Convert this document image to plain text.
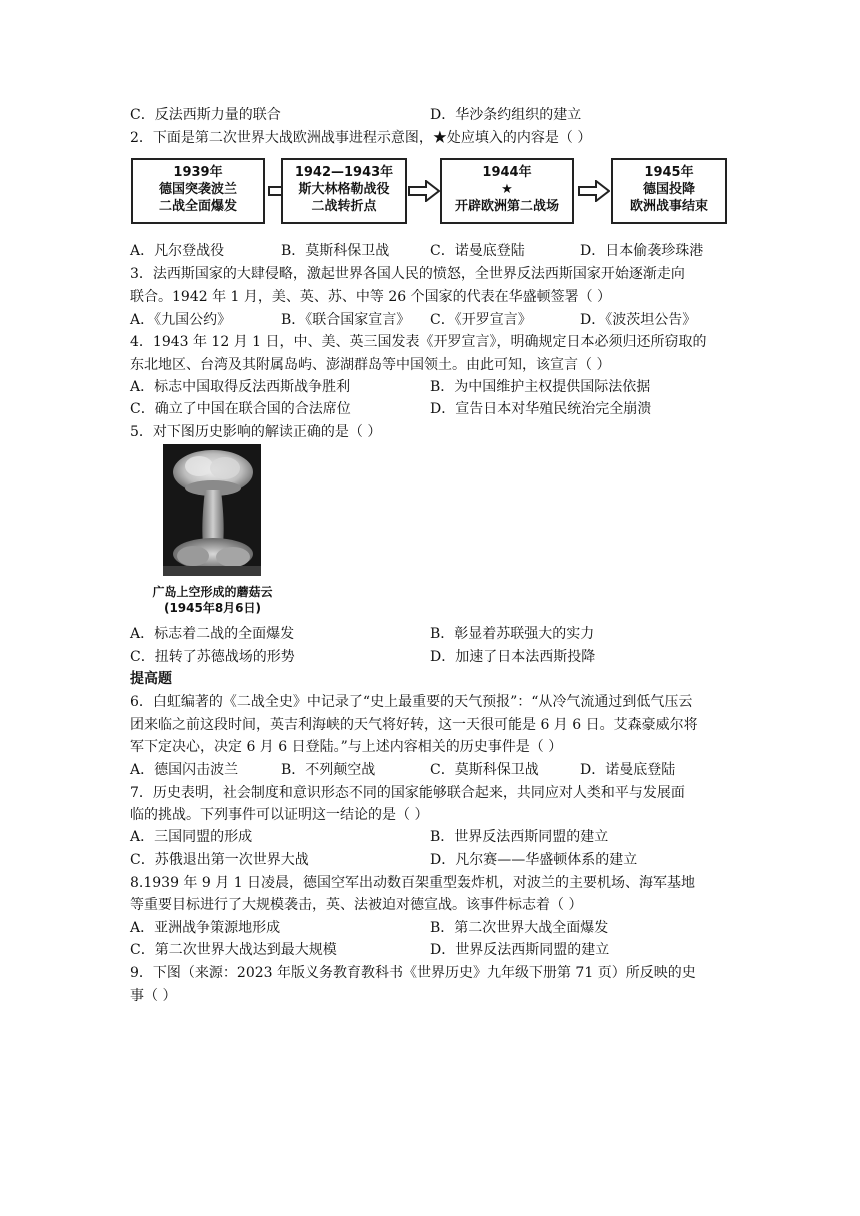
C．反法西斯力量的联合	D．华沙条约组织的建立
2．下面是第二次世界大战欧洲战事进程示意图，★处应填入的内容是（ ）
1939年
德国突袭波兰
二战全面爆发
1942—1943年
斯大林格勒战役
二战转折点
1944年
★
开辟欧洲第二战场
1945年
德国投降
欧洲战事结束
A．凡尔登战役	B．莫斯科保卫战	C．诺曼底登陆	D．日本偷袭珍珠港
3．法西斯国家的大肆侵略，激起世界各国人民的愤怒，全世界反法西斯国家开始逐渐走向
联合。1942 年 1 月，美、英、苏、中等 26 个国家的代表在华盛顿签署（ ）
A．《九国公约》	B．《联合国家宣言》 C．《开罗宣言》	D．《波茨坦公告》
4．1943 年 12 月 1 日，中、美、英三国发表《开罗宣言》，明确规定日本必须归还所窃取的
东北地区、台湾及其附属岛屿、澎湖群岛等中国领土。由此可知，该宣言（ ）
A．标志中国取得反法西斯战争胜利	B．为中国维护主权提供国际法依据
C．确立了中国在联合国的合法席位	D．宣告日本对华殖民统治完全崩溃
5．对下图历史影响的解读正确的是（ ）
广岛上空形成的蘑菇云
(1945年8月6日)
A．标志着二战的全面爆发	B．彰显着苏联强大的实力
C．扭转了苏德战场的形势	D．加速了日本法西斯投降
提高题
6．白虹编著的《二战全史》中记录了“史上最重要的天气预报”：“从冷气流通过到低气压云
团来临之前这段时间，英吉利海峡的天气将好转，这一天很可能是 6 月 6 日。艾森豪威尔将
军下定决心，决定 6 月 6 日登陆。”与上述内容相关的历史事件是（ ）
A．德国闪击波兰	B．不列颠空战	C．莫斯科保卫战	D．诺曼底登陆
7．历史表明，社会制度和意识形态不同的国家能够联合起来，共同应对人类和平与发展面
临的挑战。下列事件可以证明这一结论的是（ ）
A．三国同盟的形成	B．世界反法西斯同盟的建立
C．苏俄退出第一次世界大战	D．凡尔赛——华盛顿体系的建立
8.1939 年 9 月 1 日凌晨，德国空军出动数百架重型轰炸机，对波兰的主要机场、海军基地
等重要目标进行了大规模袭击，英、法被迫对德宣战。该事件标志着（ ）
A．亚洲战争策源地形成	B．第二次世界大战全面爆发
C．第二次世界大战达到最大规模	D．世界反法西斯同盟的建立
9．下图（来源：2023 年版义务教育教科书《世界历史》九年级下册第 71 页）所反映的史
事（ ）
